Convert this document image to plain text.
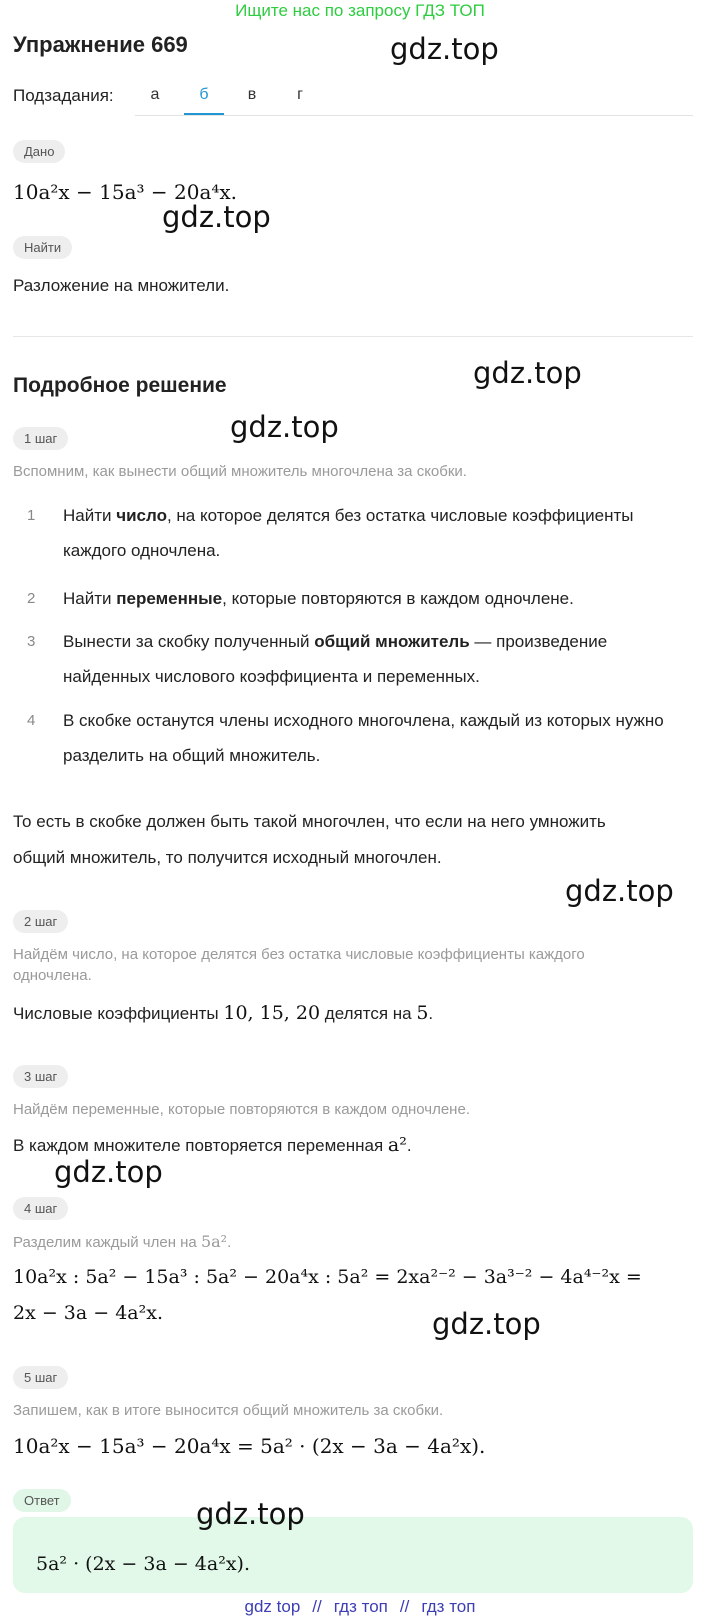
Ищите нас по запросу ГДЗ ТОП
Упражнение 669
Подзадания:	а	б	в	г
Дано
10a²x − 15a³ − 20a⁴x.
Найти
Разложение на множители.
Подробное решение
1 шаг
Вспомним, как вынести общий множитель многочлена за скобки.
1 Найти число, на которое делятся без остатка числовые коэффициенты каждого одночлена.
2 Найти переменные, которые повторяются в каждом одночлене.
3 Вынести за скобку полученный общий множитель — произведение найденных числового коэффициента и переменных.
4 В скобке останутся члены исходного многочлена, каждый из которых нужно разделить на общий множитель.
То есть в скобке должен быть такой многочлен, что если на него умножить
общий множитель, то получится исходный многочлен.
2 шаг
Найдём число, на которое делятся без остатка числовые коэффициенты каждого одночлена.
Числовые коэффициенты 10, 15, 20 делятся на 5.
3 шаг
Найдём переменные, которые повторяются в каждом одночлене.
В каждом множителе повторяется переменная a².
4 шаг
Разделим каждый член на 5a².
10a²x : 5a² − 15a³ : 5a² − 20a⁴x : 5a² = 2xa²⁻² − 3a³⁻² − 4a⁴⁻²x =
2x − 3a − 4a²x.
5 шаг
Запишем, как в итоге выносится общий множитель за скобки.
10a²x − 15a³ − 20a⁴x = 5a² · (2x − 3a − 4a²x).
Ответ
5a² · (2x − 3a − 4a²x).
gdz.top
gdz.top
gdz.top
gdz.top
gdz.top
gdz.top
gdz.top
gdz.top
gdz top // гдз топ // гдз топ
